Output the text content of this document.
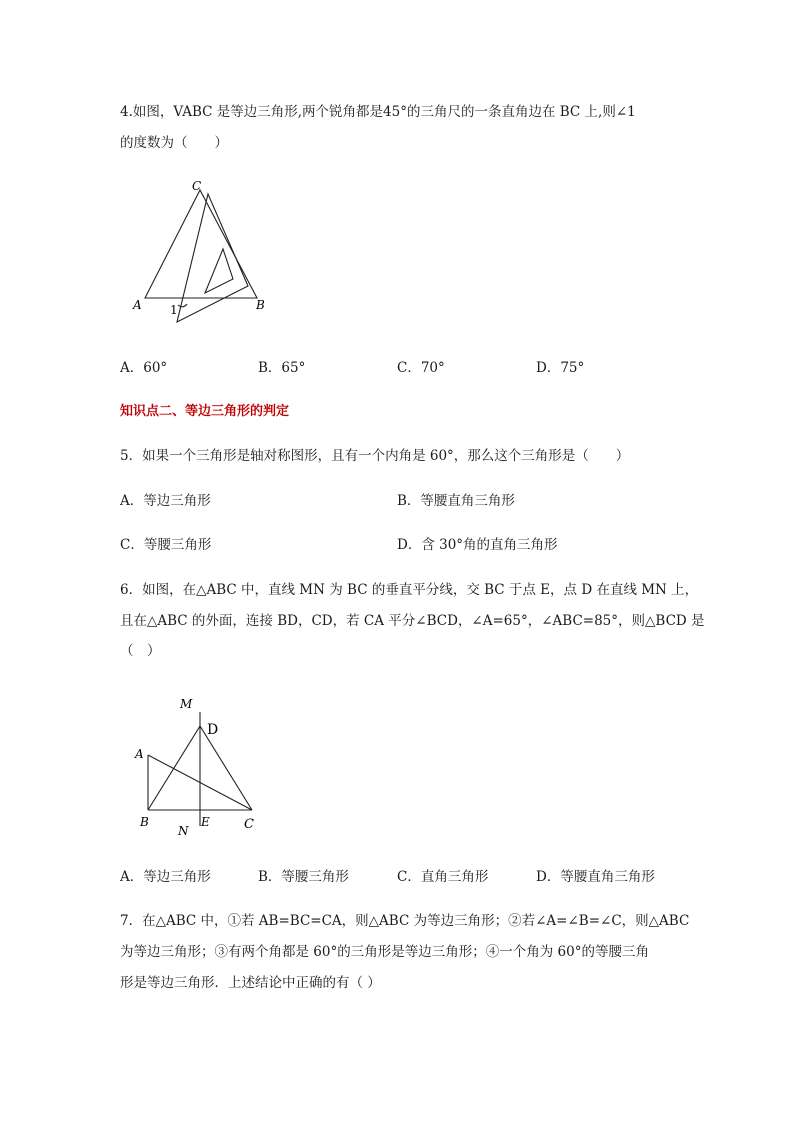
4.如图，VABC 是等边三角形,两个锐角都是45°的三角尺的一条直角边在 BC 上,则∠1
的度数为（　　）
C
A	B
1
A．60°	B．65°	C．70°	D．75°
知识点二、等边三角形的判定
5．如果一个三角形是轴对称图形，且有一个内角是 60°，那么这个三角形是（　　）
A．等边三角形	B．等腰直角三角形
C．等腰三角形	D．含 30°角的直角三角形
6．如图，在△ABC 中，直线 MN 为 BC 的垂直平分线，交 BC 于点 E，点 D 在直线 MN 上，
且在△ABC 的外面，连接 BD，CD，若 CA 平分∠BCD，∠A=65°，∠ABC=85°，则△BCD 是
（　）
M
D
A
B
N
E	C
A．等边三角形	B．等腰三角形	C．直角三角形	D．等腰直角三角形
7．在△ABC 中，①若 AB=BC=CA，则△ABC 为等边三角形；②若∠A=∠B=∠C，则△ABC
为等边三角形；③有两个角都是 60°的三角形是等边三角形；④一个角为 60°的等腰三角
形是等边三角形．上述结论中正确的有（ ）
